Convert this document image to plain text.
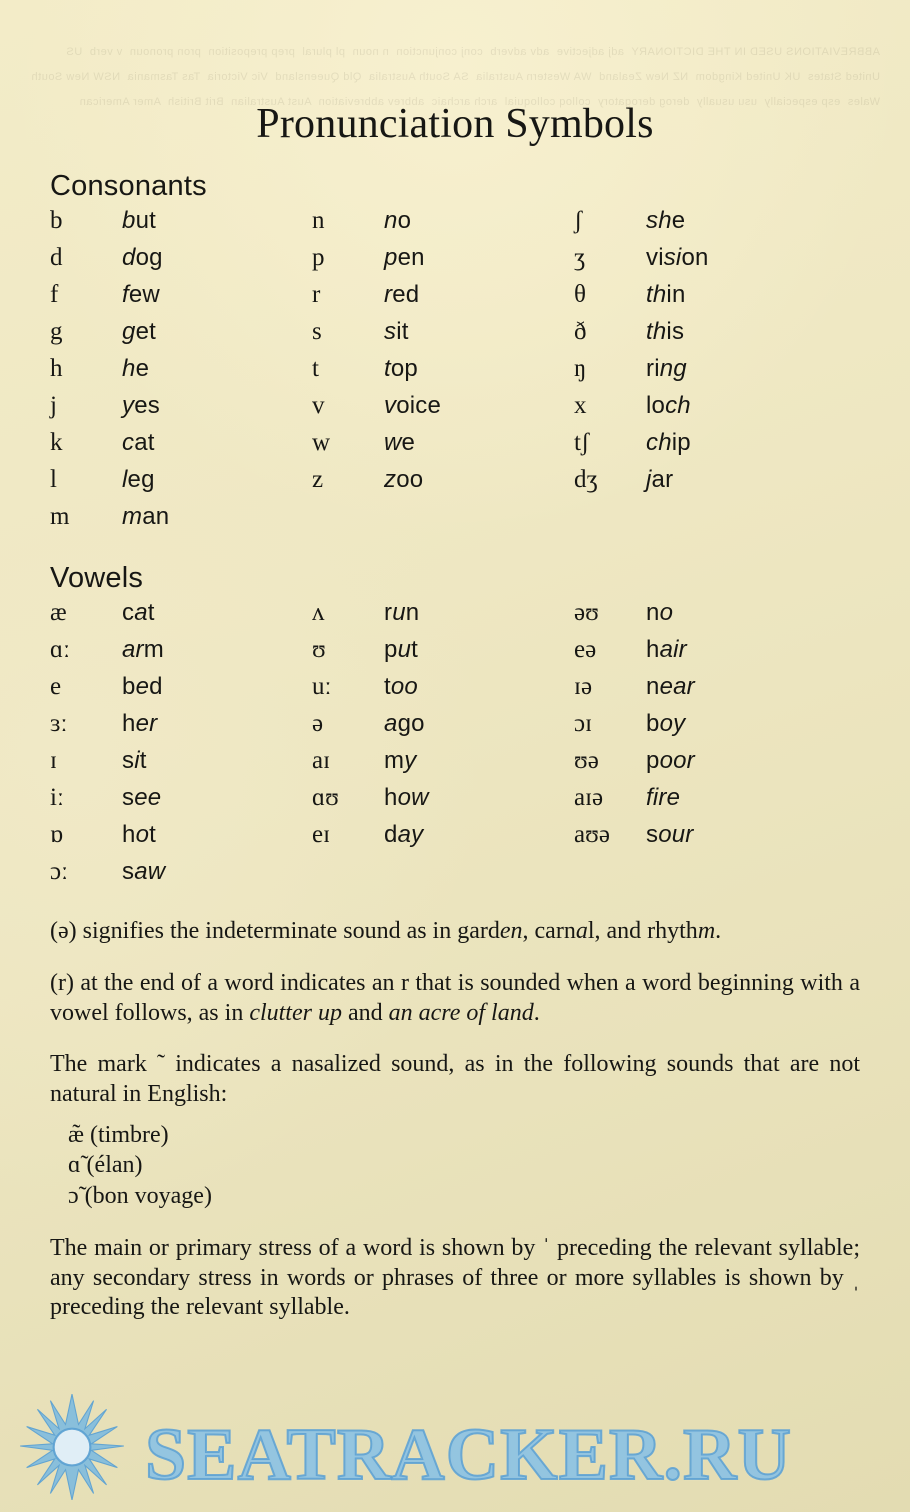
ABBREVIATIONS USED IN THE DICTIONARY  adj adjective  adv adverb  conj conjunction  n noun  pl plural  prep preposition  pron pronoun  v verb  US United States  UK United Kingdom  NZ New Zealand  WA Western Australia  SA South Australia  Qld Queensland  Vic Victoria  Tas Tasmania  NSW New South Wales  esp especially  usu usually  derog derogatory  colloq colloquial  arch archaic  abbrev abbreviation  Aust Australian  Brit British  Amer American
Pronunciation Symbols
Consonants
b	but	n	no	ʃ	she
d	dog	p	pen	ʒ	vision
f	few	r	red	θ	thin
g	get	s	sit	ð	this
h	he	t	top	ŋ	ring
j	yes	v	voice	x	loch
k	cat	w	we	tʃ	chip
l	leg	z	zoo	dʒ	jar
m	man
Vowels
æ	cat	ʌ	run	əʊ	no
ɑː	arm	ʊ	put	eə	hair
e	bed	uː	too	ɪə	near
ɜː	her	ə	ago	ɔɪ	boy
ɪ	sit	aɪ	my	ʊə	poor
iː	see	ɑʊ	how	aɪə	fire
ɒ	hot	eɪ	day	aʊə	sour
ɔː	saw

(ə) signifies the indeterminate sound as in garden, carnal, and rhythm.

(r) at the end of a word indicates an r that is sounded when a word beginning with a vowel follows, as in clutter up and an acre of land.

The mark ˜ indicates a nasalized sound, as in the following sounds that are not natural in English:

æ̃ (timbre)
ɑ̃ (élan)
ɔ̃ (bon voyage)

The main or primary stress of a word is shown by ˈ preceding the relevant syllable; any secondary stress in words or phrases of three or more syllables is shown by ˌ preceding the relevant syllable.

SEATRACKER.RU
